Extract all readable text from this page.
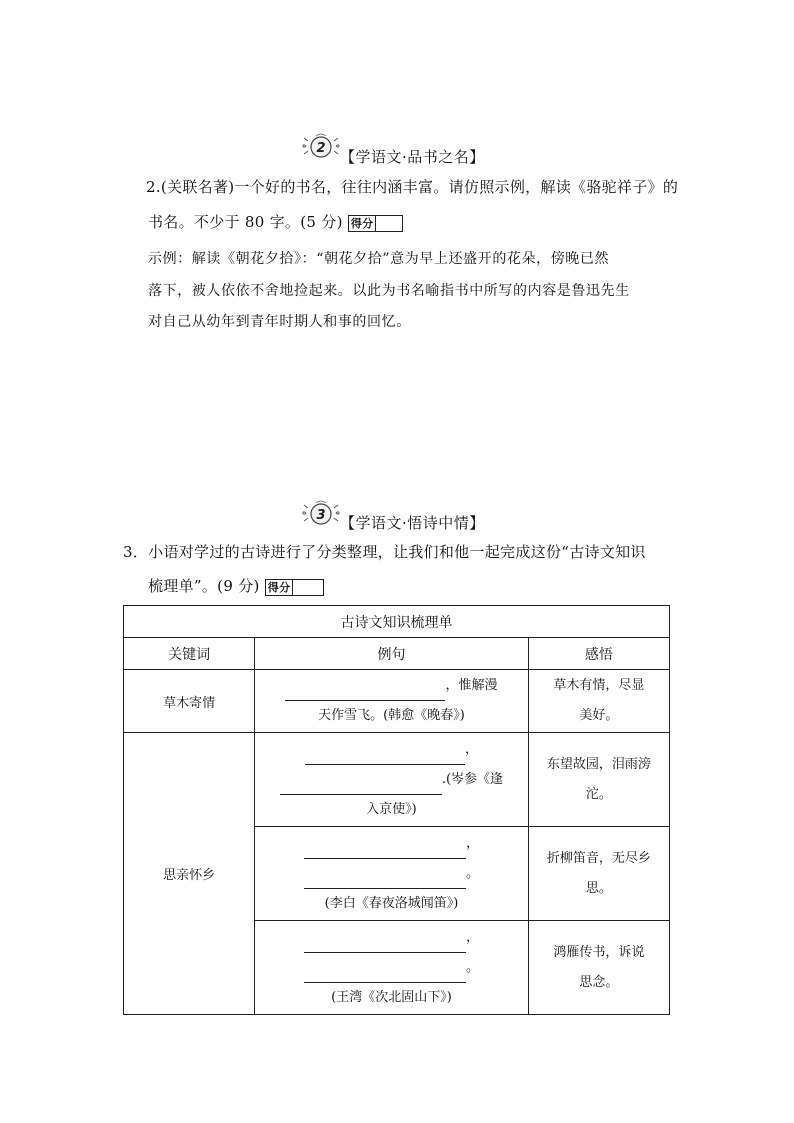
2 【学语文·品书之名】
2.(关联名著)一个好的书名，往往内涵丰富。请仿照示例，解读《骆驼祥子》的
书名。不少于 80 字。(5 分) 得分
示例：解读《朝花夕拾》：“朝花夕拾”意为早上还盛开的花朵，傍晚已然
落下，被人依依不舍地捡起来。以此为书名喻指书中所写的内容是鲁迅先生
对自己从幼年到青年时期人和事的回忆。
3 【学语文·悟诗中情】
3．小语对学过的古诗进行了分类整理，让我们和他一起完成这份“古诗文知识
梳理单”。(9 分) 得分
古诗文知识梳理单		
关键词	例句	感悟
草木寄情	，惟解漫
天作雪飞。(韩愈《晚春》)	草木有情，尽显
美好。

思亲怀乡	，
.(岑参《逢
入京使》)	东望故园，泪雨滂
沱。

	，
。
(李白《春夜洛城闻笛》)	折柳笛音，无尽乡
思。

	，
。
(王湾《次北固山下》)	鸿雁传书，诉说
思念。
